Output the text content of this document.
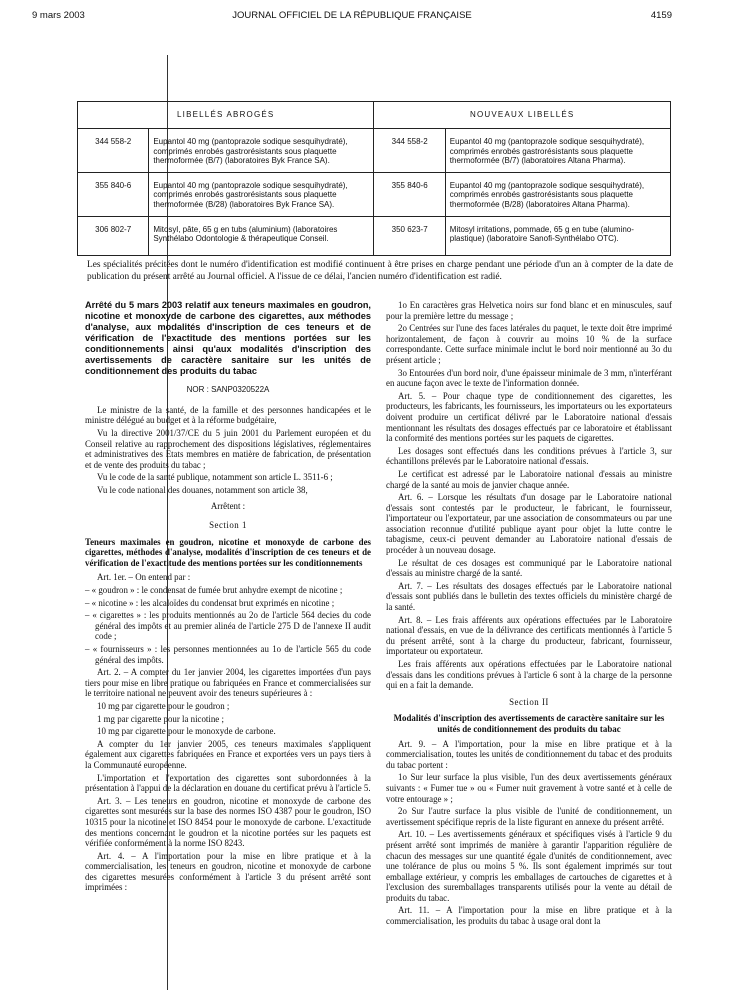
9 mars 2003	JOURNAL OFFICIEL DE LA RÉPUBLIQUE FRANÇAISE	4159
LIBELLÉS ABROGÉS		NOUVEAUX LIBELLÉS	
344 558-2	Eupantol 40 mg (pantoprazole sodique sesquihydraté), comprimés enrobés gastrorésistants sous plaquette thermoformée (B/7) (laboratoires Byk France SA).	344 558-2	Eupantol 40 mg (pantoprazole sodique sesquihydraté), comprimés enrobés gastrorésistants sous plaquette thermoformée (B/7) (laboratoires Altana Pharma).
355 840-6	Eupantol 40 mg (pantoprazole sodique sesquihydraté), comprimés enrobés gastrorésistants sous plaquette thermoformée (B/28) (laboratoires Byk France SA).	355 840-6	Eupantol 40 mg (pantoprazole sodique sesquihydraté), comprimés enrobés gastrorésistants sous plaquette thermoformée (B/28) (laboratoires Altana Pharma).
306 802-7	Mitosyl, pâte, 65 g en tubs (aluminium) (laboratoires Synthélabo Odontologie & thérapeutique Conseil.	350 623-7	Mitosyl irritations, pommade, 65 g en tube (alumino-plastique) (laboratoire Sanofi-Synthélabo OTC).
Les spécialités précitées dont le numéro d'identification est modifié continuent à être prises en charge pendant une période d'un an à compter de la date de publication du présent arrêté au Journal officiel. A l'issue de ce délai, l'ancien numéro d'identification est radié.

Arrêté du 5 mars 2003 relatif aux teneurs maximales en goudron, nicotine et monoxyde de carbone des cigarettes, aux méthodes d'analyse, aux modalités d'inscription de ces teneurs et de vérification de l'exactitude des mentions portées sur les conditionnements ainsi qu'aux modalités d'inscription des avertissements de caractère sanitaire sur les unités de conditionnement des produits du tabac

NOR : SANP0320522A

Le ministre de la santé, de la famille et des personnes handicapées et le ministre délégué au budget et à la réforme budgétaire,

Vu la directive 2001/37/CE du 5 juin 2001 du Parlement européen et du Conseil relative au rapprochement des dispositions législatives, réglementaires et administratives des Etats membres en matière de fabrication, de présentation et de vente des produits du tabac ;

Vu le code de la santé publique, notamment son article L. 3511-6 ;

Vu le code national des douanes, notamment son article 38,

Arrêtent :

Section 1

Teneurs maximales en goudron, nicotine et monoxyde de carbone des cigarettes, méthodes d'analyse, modalités d'inscription de ces teneurs et de vérification de l'exactitude des mentions portées sur les conditionnements

Art. 1er. – On entend par :

– « goudron » : le condensat de fumée brut anhydre exempt de nicotine ;

– « nicotine » : les alcaloïdes du condensat brut exprimés en nicotine ;

– « cigarettes » : les produits mentionnés au 2o de l'article 564 decies du code général des impôts et au premier alinéa de l'article 275 D de l'annexe II audit code ;

– « fournisseurs » : les personnes mentionnées au 1o de l'article 565 du code général des impôts.

Art. 2. – A compter du 1er janvier 2004, les cigarettes importées d'un pays tiers pour mise en libre pratique ou fabriquées en France et commercialisées sur le territoire national ne peuvent avoir des teneurs supérieures à :

10 mg par cigarette pour le goudron ;

1 mg par cigarette pour la nicotine ;

10 mg par cigarette pour le monoxyde de carbone.

A compter du 1er janvier 2005, ces teneurs maximales s'appliquent également aux cigarettes fabriquées en France et exportées vers un pays tiers à la Communauté européenne.

L'importation et l'exportation des cigarettes sont subordonnées à la présentation à l'appui de la déclaration en douane du certificat prévu à l'article 5.

Art. 3. – Les teneurs en goudron, nicotine et monoxyde de carbone des cigarettes sont mesurées sur la base des normes ISO 4387 pour le goudron, ISO 10315 pour la nicotine et ISO 8454 pour le monoxyde de carbone. L'exactitude des mentions concernant le goudron et la nicotine portées sur les paquets est vérifiée conformément à la norme ISO 8243.

Art. 4. – A l'importation pour la mise en libre pratique et à la commercialisation, les teneurs en goudron, nicotine et monoxyde de carbone des cigarettes mesurées conformément à l'article 3 du présent arrêté sont imprimées :

1o En caractères gras Helvetica noirs sur fond blanc et en minuscules, sauf pour la première lettre du message ;

2o Centrées sur l'une des faces latérales du paquet, le texte doit être imprimé horizontalement, de façon à couvrir au moins 10 % de la surface correspondante. Cette surface minimale inclut le bord noir mentionné au 3o du présent article ;

3o Entourées d'un bord noir, d'une épaisseur minimale de 3 mm, n'interférant en aucune façon avec le texte de l'information donnée.

Art. 5. – Pour chaque type de conditionnement des cigarettes, les producteurs, les fabricants, les fournisseurs, les importateurs ou les exportateurs doivent produire un certificat délivré par le Laboratoire national d'essais mentionnant les résultats des dosages effectués par ce laboratoire et établissant la conformité des mentions portées sur les paquets de cigarettes.

Les dosages sont effectués dans les conditions prévues à l'article 3, sur échantillons prélevés par le Laboratoire national d'essais.

Le certificat est adressé par le Laboratoire national d'essais au ministre chargé de la santé au mois de janvier chaque année.

Art. 6. – Lorsque les résultats d'un dosage par le Laboratoire national d'essais sont contestés par le producteur, le fabricant, le fournisseur, l'importateur ou l'exportateur, par une association de consommateurs ou par une association reconnue d'utilité publique ayant pour objet la lutte contre le tabagisme, ceux-ci peuvent demander au Laboratoire national d'essais de procéder à un nouveau dosage.

Le résultat de ces dosages est communiqué par le Laboratoire national d'essais au ministre chargé de la santé.

Art. 7. – Les résultats des dosages effectués par le Laboratoire national d'essais sont publiés dans le bulletin des textes officiels du ministère chargé de la santé.

Art. 8. – Les frais afférents aux opérations effectuées par le Laboratoire national d'essais, en vue de la délivrance des certificats mentionnés à l'article 5 du présent arrêté, sont à la charge du producteur, fabricant, fournisseur, importateur ou exportateur.

Les frais afférents aux opérations effectuées par le Laboratoire national d'essais dans les conditions prévues à l'article 6 sont à la charge de la personne qui en a fait la demande.

Section II

Modalités d'inscription des avertissements de caractère sanitaire sur les unités de conditionnement des produits du tabac

Art. 9. – A l'importation, pour la mise en libre pratique et à la commercialisation, toutes les unités de conditionnement du tabac et des produits du tabac portent :

1o Sur leur surface la plus visible, l'un des deux avertissements généraux suivants : « Fumer tue » ou « Fumer nuit gravement à votre santé et à celle de votre entourage » ;

2o Sur l'autre surface la plus visible de l'unité de conditionnement, un avertissement spécifique repris de la liste figurant en annexe du présent arrêté.

Art. 10. – Les avertissements généraux et spécifiques visés à l'article 9 du présent arrêté sont imprimés de manière à garantir l'apparition régulière de chacun des messages sur une quantité égale d'unités de conditionnement, avec une tolérance de plus ou moins 5 %. Ils sont également imprimés sur tout emballage extérieur, y compris les emballages de cartouches de cigarettes et à l'exclusion des suremballages transparents utilisés pour la vente au détail de produits du tabac.

Art. 11. – A l'importation pour la mise en libre pratique et à la commercialisation, les produits du tabac à usage oral dont la
